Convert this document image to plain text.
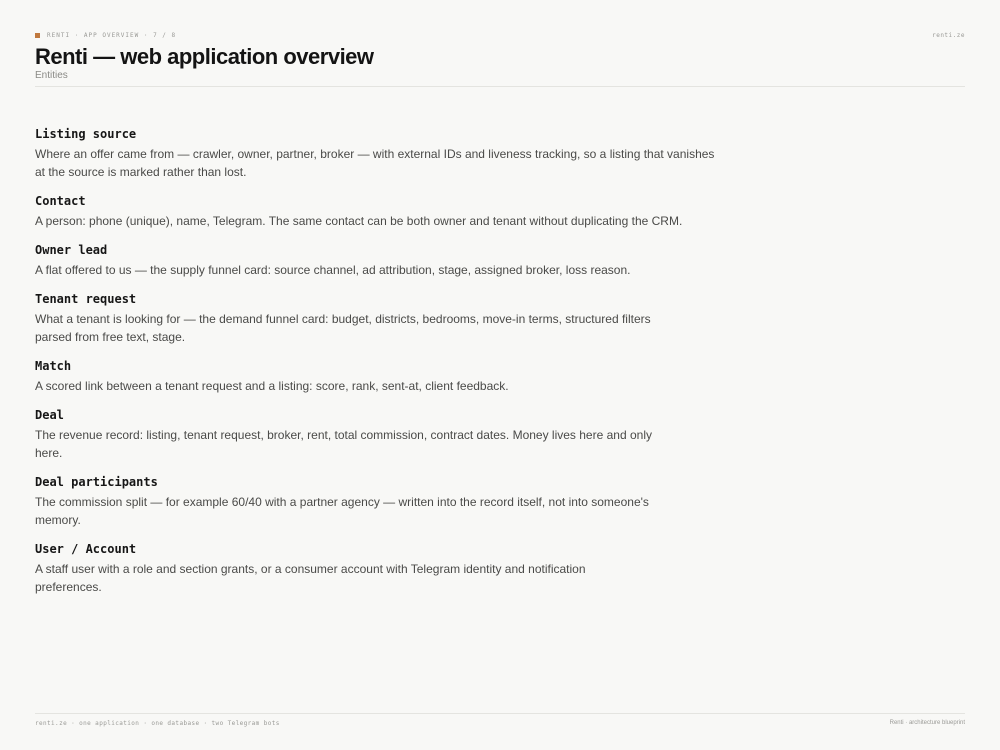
RENTI · APP OVERVIEW · 7 / 8	renti.ze
Renti — web application overview
Entities
Listing source
Where an offer came from — crawler, owner, partner, broker — with external IDs and liveness tracking, so a listing that vanishes at the source is marked rather than lost.
Contact
A person: phone (unique), name, Telegram. The same contact can be both owner and tenant without duplicating the CRM.
Owner lead
A flat offered to us — the supply funnel card: source channel, ad attribution, stage, assigned broker, loss reason.
Tenant request
What a tenant is looking for — the demand funnel card: budget, districts, bedrooms, move-in terms, structured filters parsed from free text, stage.
Match
A scored link between a tenant request and a listing: score, rank, sent-at, client feedback.
Deal
The revenue record: listing, tenant request, broker, rent, total commission, contract dates. Money lives here and only here.
Deal participants
The commission split — for example 60/40 with a partner agency — written into the record itself, not into someone's memory.
User / Account
A staff user with a role and section grants, or a consumer account with Telegram identity and notification preferences.
renti.ze · one application · one database · two Telegram bots	Renti · architecture blueprint
